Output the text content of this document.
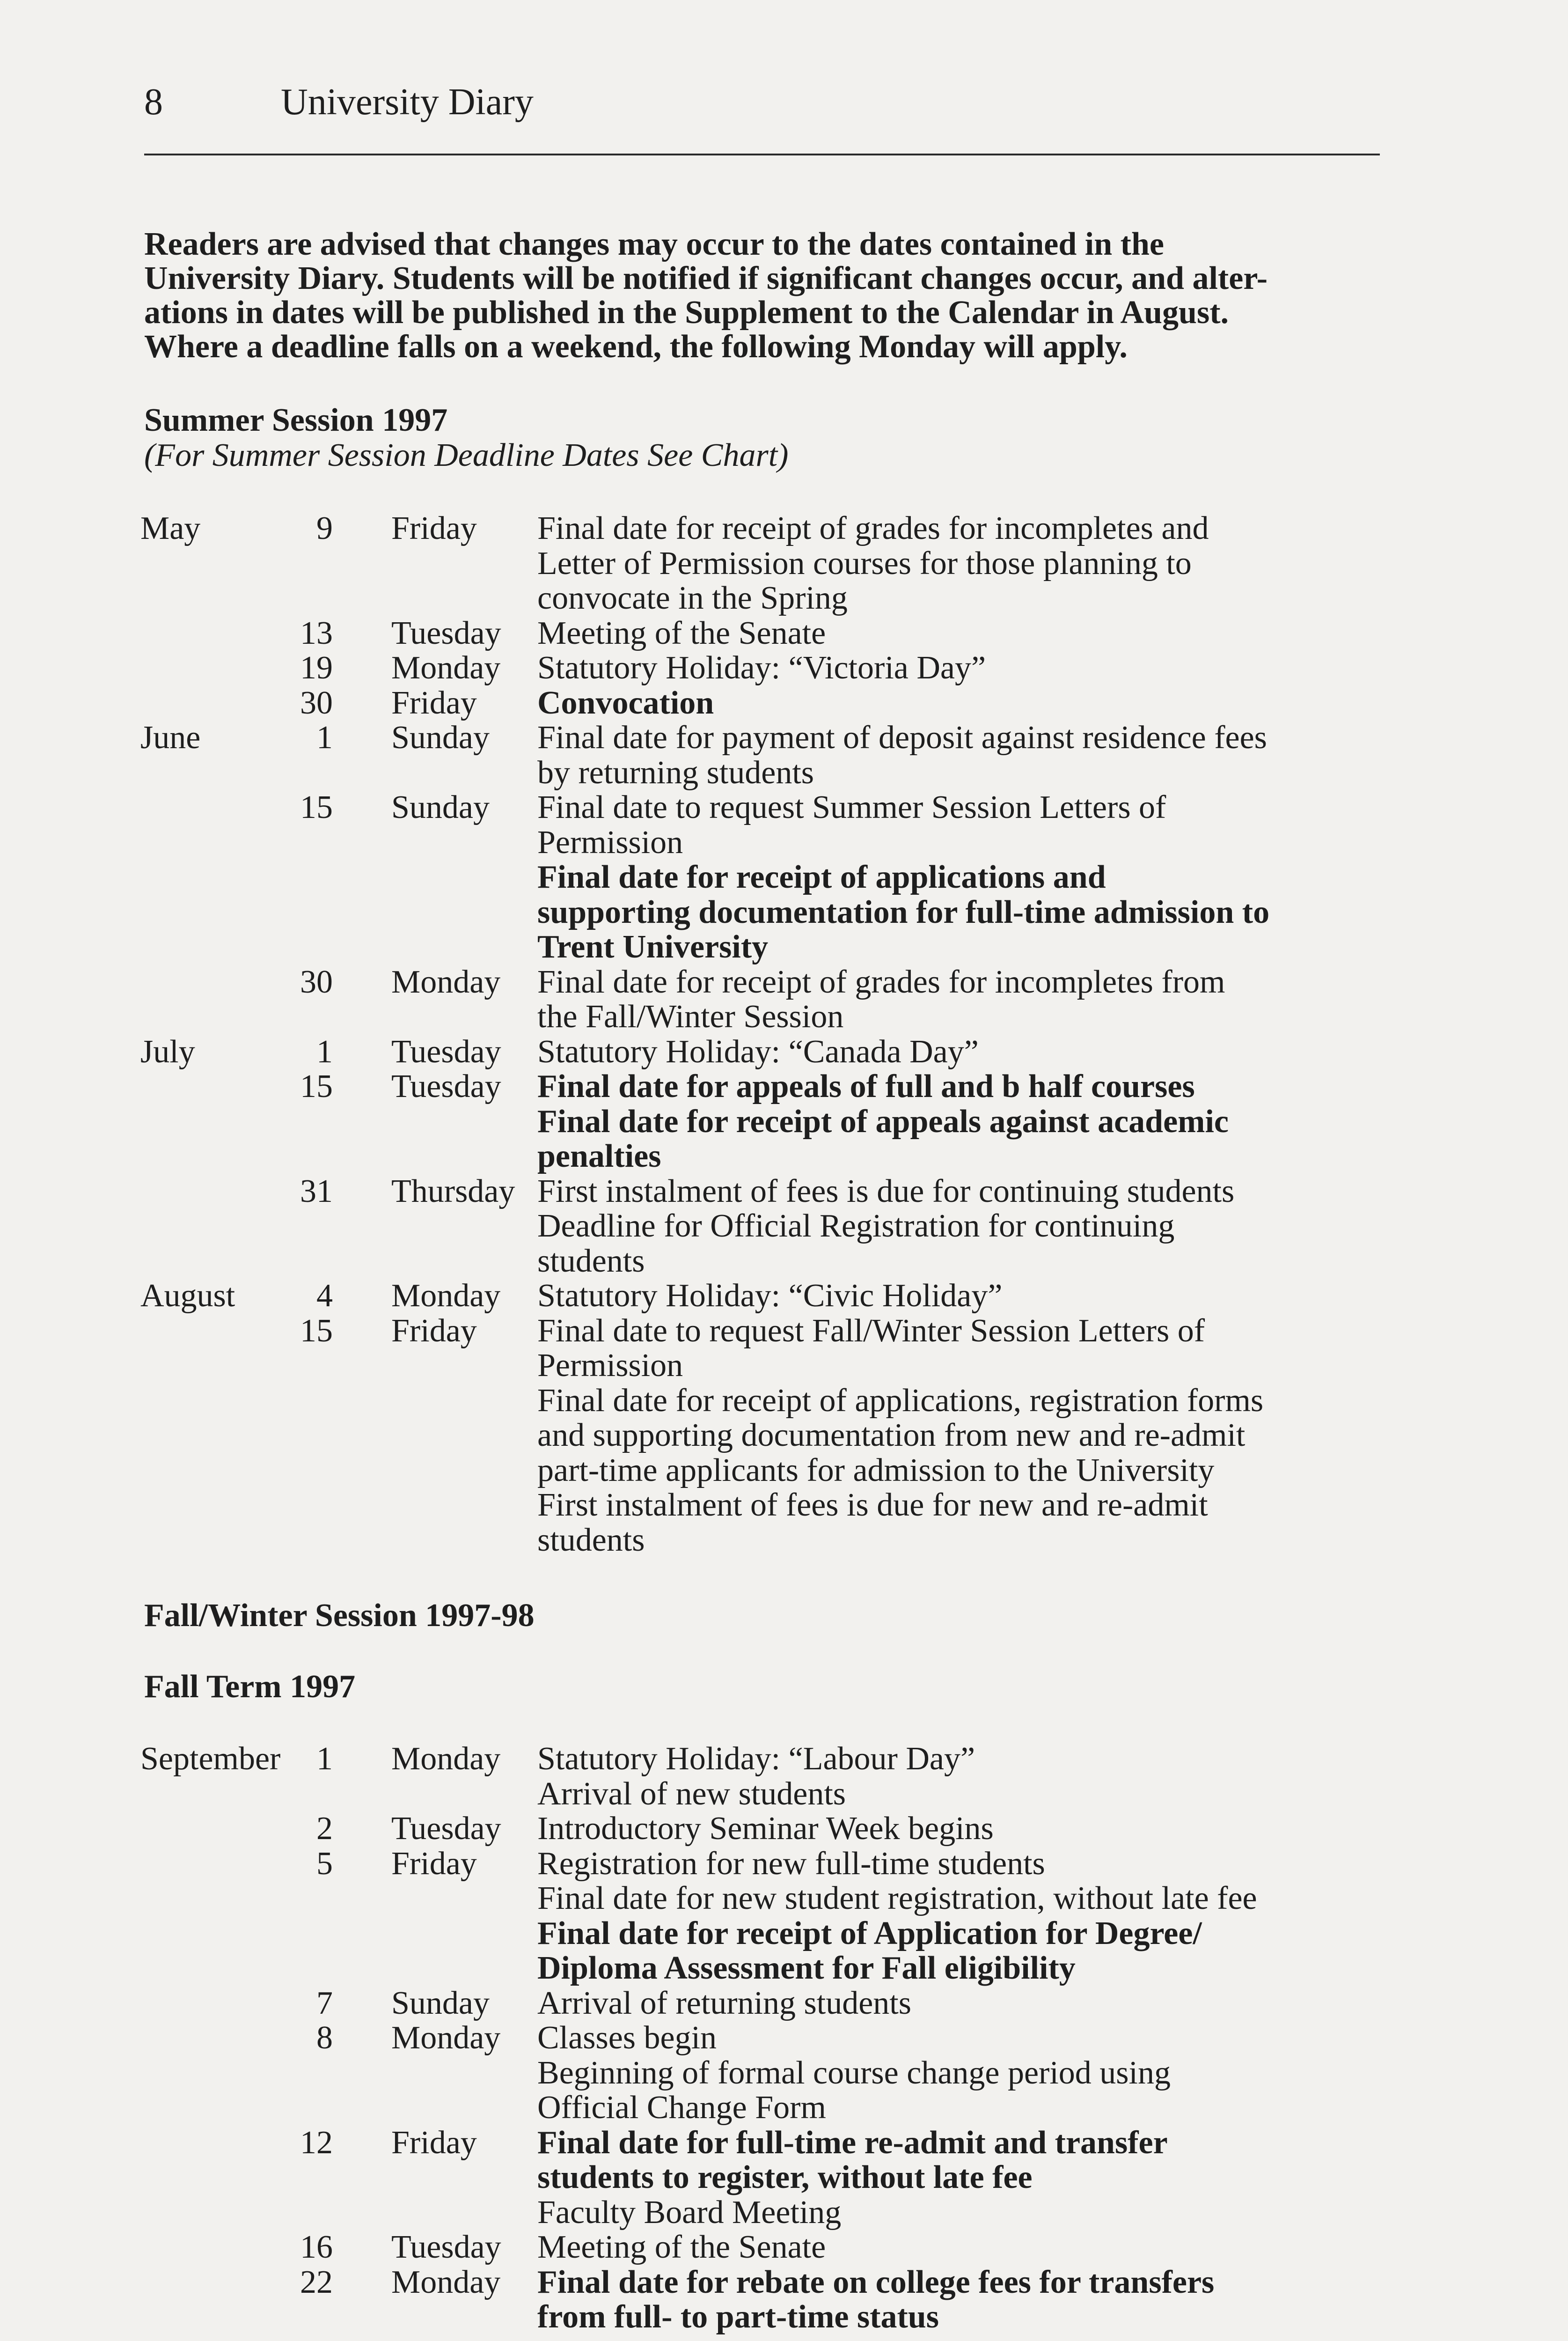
8	University Diary
Readers are advised that changes may occur to the dates contained in the
University Diary. Students will be notified if significant changes occur, and alter-
ations in dates will be published in the Supplement to the Calendar in August.
Where a deadline falls on a weekend, the following Monday will apply.
Summer Session 1997
(For Summer Session Deadline Dates See Chart)
May	9	Friday	Final date for receipt of grades for incompletes and
Letter of Permission courses for those planning to
convocate in the Spring
13	Tuesday	Meeting of the Senate
19	Monday	Statutory Holiday: “Victoria Day”
30	Friday	Convocation
June	1	Sunday	Final date for payment of deposit against residence fees
by returning students
15	Sunday	Final date to request Summer Session Letters of
Permission
Final date for receipt of applications and
supporting documentation for full-time admission to
Trent University
30	Monday	Final date for receipt of grades for incompletes from
the Fall/Winter Session
July	1	Tuesday	Statutory Holiday: “Canada Day”
15	Tuesday	Final date for appeals of full and b half courses
Final date for receipt of appeals against academic
penalties
31	Thursday First instalment of fees is due for continuing students
Deadline for Official Registration for continuing
students
August	4	Monday	Statutory Holiday: “Civic Holiday”
15	Friday	Final date to request Fall/Winter Session Letters of
Permission
Final date for receipt of applications, registration forms
and supporting documentation from new and re-admit
part-time applicants for admission to the University
First instalment of fees is due for new and re-admit
students
Fall/Winter Session 1997-98
Fall Term 1997
September	1	Monday	Statutory Holiday: “Labour Day”
Arrival of new students
2	Tuesday	Introductory Seminar Week begins
5	Friday	Registration for new full-time students
Final date for new student registration, without late fee
Final date for receipt of Application for Degree/
Diploma Assessment for Fall eligibility
7	Sunday	Arrival of returning students
8	Monday	Classes begin
Beginning of formal course change period using
Official Change Form
12	Friday	Final date for full-time re-admit and transfer
students to register, without late fee
Faculty Board Meeting
16	Tuesday	Meeting of the Senate
22	Monday	Final date for rebate on college fees for transfers
from full- to part-time status
